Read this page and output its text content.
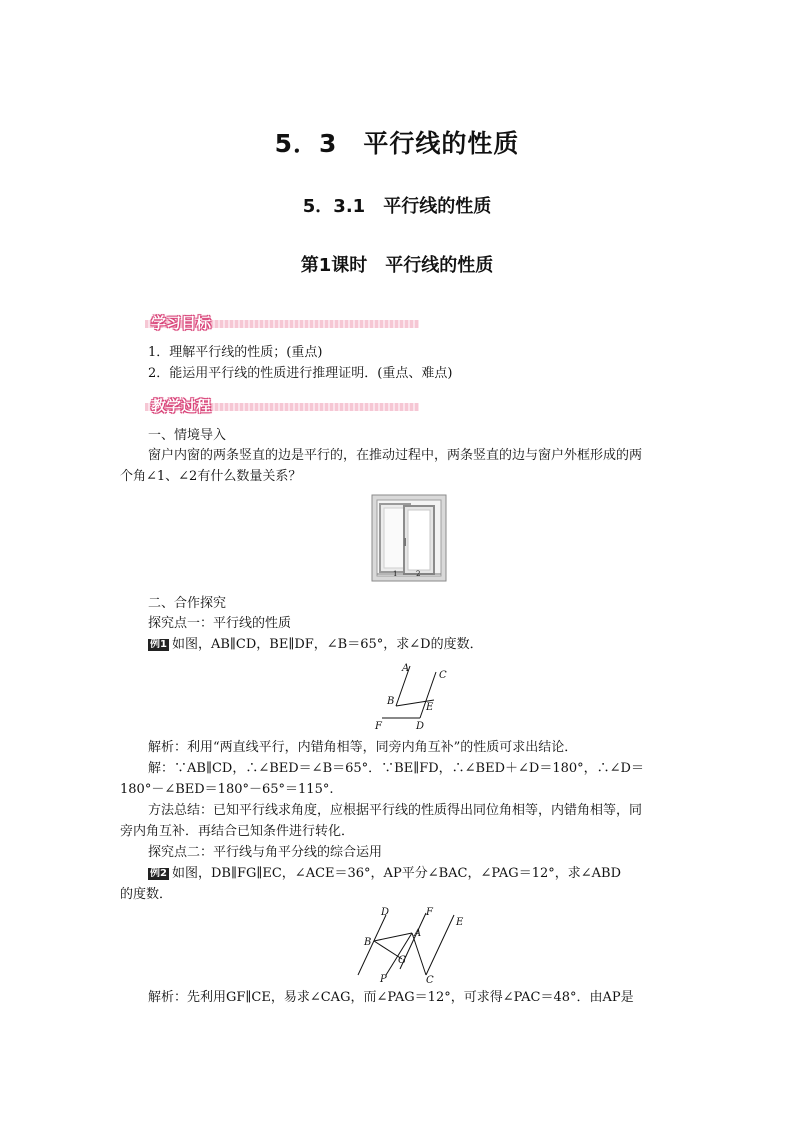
5．3　平行线的性质
5．3.1　平行线的性质
第1课时　平行线的性质
学习目标
1．理解平行线的性质；(重点)
2．能运用平行线的性质进行推理证明．(重点、难点)
教学过程
一、情境导入
窗户内窗的两条竖直的边是平行的，在推动过程中，两条竖直的边与窗户外框形成的两
个角∠1、∠2有什么数量关系？
1	2
二、合作探究
探究点一：平行线的性质
例1 如图，AB∥CD，BE∥DF，∠B＝65°，求∠D的度数．
A
B
C
D
E
F
解析：利用“两直线平行，内错角相等，同旁内角互补”的性质可求出结论．
解：∵AB∥CD，∴∠BED＝∠B＝65°．∵BE∥FD，∴∠BED＋∠D＝180°，∴∠D＝
180°－∠BED＝180°－65°＝115°.
方法总结：已知平行线求角度，应根据平行线的性质得出同位角相等，内错角相等，同
旁内角互补．再结合已知条件进行转化．
探究点二：平行线与角平分线的综合运用
例2 如图，DB∥FG∥EC，∠ACE＝36°，AP平分∠BAC，∠PAG＝12°，求∠ABD
的度数．
D	F
E
B
A
G
P	C
解析：先利用GF∥CE，易求∠CAG，而∠PAG＝12°，可求得∠PAC＝48°．由AP是
